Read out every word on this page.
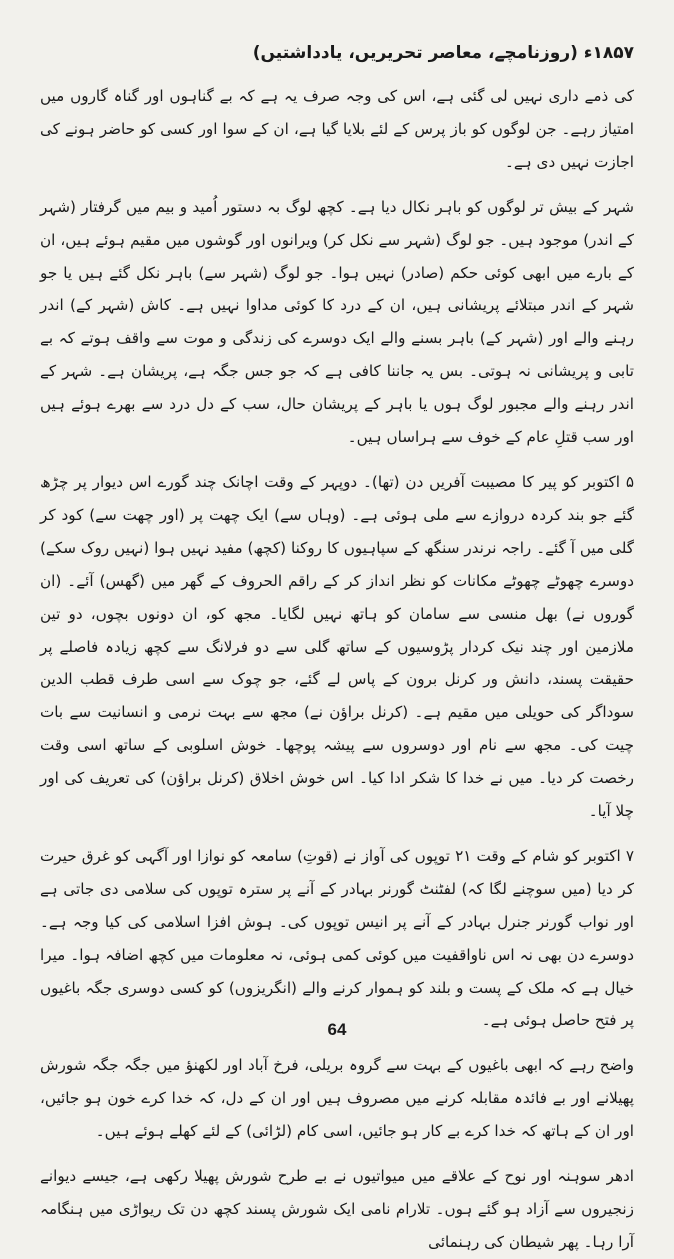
۱۸۵۷ء (روزنامچے، معاصر تحریریں، یادداشتیں)
کی ذمے داری نہیں لی گئی ہے، اس کی وجہ صرف یہ ہے کہ بے گناہوں اور گناہ گاروں میں امتیاز رہے۔ جن لوگوں کو باز پرس کے لئے بلایا گیا ہے، ان کے سوا اور کسی کو حاضر ہونے کی اجازت نہیں دی ہے۔
شہر کے بیش تر لوگوں کو باہر نکال دیا ہے۔ کچھ لوگ بہ دستور اُمید و بیم میں گرفتار (شہر کے اندر) موجود ہیں۔ جو لوگ (شہر سے نکل کر) ویرانوں اور گوشوں میں مقیم ہوئے ہیں، ان کے بارے میں ابھی کوئی حکم (صادر) نہیں ہوا۔ جو لوگ (شہر سے) باہر نکل گئے ہیں یا جو شہر کے اندر مبتلائے پریشانی ہیں، ان کے درد کا کوئی مداوا نہیں ہے۔ کاش (شہر کے) اندر رہنے والے اور (شہر کے) باہر بسنے والے ایک دوسرے کی زندگی و موت سے واقف ہوتے کہ بے تابی و پریشانی نہ ہوتی۔ بس یہ جاننا کافی ہے کہ جو جس جگہ ہے، پریشان ہے۔ شہر کے اندر رہنے والے مجبور لوگ ہوں یا باہر کے پریشان حال، سب کے دل درد سے بھرے ہوئے ہیں اور سب قتلِ عام کے خوف سے ہراساں ہیں۔
۵ اکتوبر کو پیر کا مصیبت آفریں دن (تھا)۔ دوپہر کے وقت اچانک چند گورے اس دیوار پر چڑھ گئے جو بند کردہ دروازے سے ملی ہوئی ہے۔ (وہاں سے) ایک چھت پر (اور چھت سے) کود کر گلی میں آ گئے۔ راجہ نرندر سنگھ کے سپاہیوں کا روکنا (کچھ) مفید نہیں ہوا (نہیں روک سکے) دوسرے چھوٹے چھوٹے مکانات کو نظر انداز کر کے راقم الحروف کے گھر میں (گھس) آئے۔ (ان گوروں نے) بھل منسی سے سامان کو ہاتھ نہیں لگایا۔ مجھ کو، ان دونوں بچوں، دو تین ملازمین اور چند نیک کردار پڑوسیوں کے ساتھ گلی سے دو فرلانگ سے کچھ زیادہ فاصلے پر حقیقت پسند، دانش ور کرنل برون کے پاس لے گئے، جو چوک سے اسی طرف قطب الدین سوداگر کی حویلی میں مقیم ہے۔ (کرنل براؤن نے) مجھ سے بہت نرمی و انسانیت سے بات چیت کی۔ مجھ سے نام اور دوسروں سے پیشہ پوچھا۔ خوش اسلوبی کے ساتھ اسی وقت رخصت کر دیا۔ میں نے خدا کا شکر ادا کیا۔ اس خوش اخلاق (کرنل براؤن) کی تعریف کی اور چلا آیا۔
۷ اکتوبر کو شام کے وقت ۲۱ توپوں کی آواز نے (قوتِ) سامعہ کو نوازا اور آگہی کو غرق حیرت کر دیا (میں سوچنے لگا کہ) لفٹنٹ گورنر بہادر کے آنے پر سترہ توپوں کی سلامی دی جاتی ہے اور نواب گورنر جنرل بہادر کے آنے پر انیس توپوں کی۔ ہوش افزا اسلامی کی کیا وجہ ہے۔ دوسرے دن بھی نہ اس ناواقفیت میں کوئی کمی ہوئی، نہ معلومات میں کچھ اضافہ ہوا۔ میرا خیال ہے کہ ملک کے پست و بلند کو ہموار کرنے والے (انگریزوں) کو کسی دوسری جگہ باغیوں پر فتح حاصل ہوئی ہے۔
واضح رہے کہ ابھی باغیوں کے بہت سے گروہ بریلی، فرخ آباد اور لکھنؤ میں جگہ جگہ شورش پھیلانے اور بے فائدہ مقابلہ کرنے میں مصروف ہیں اور ان کے دل، کہ خدا کرے خون ہو جائیں، اور ان کے ہاتھ کہ خدا کرے بے کار ہو جائیں، اسی کام (لڑائی) کے لئے کھلے ہوئے ہیں۔
ادھر سوہنہ اور نوح کے علاقے میں میواتیوں نے بے طرح شورش پھیلا رکھی ہے، جیسے دیوانے زنجیروں سے آزاد ہو گئے ہوں۔ تلارام نامی ایک شورش پسند کچھ دن تک ریواڑی میں ہنگامہ آرا رہا۔ پھر شیطان کی رہنمائی
64
